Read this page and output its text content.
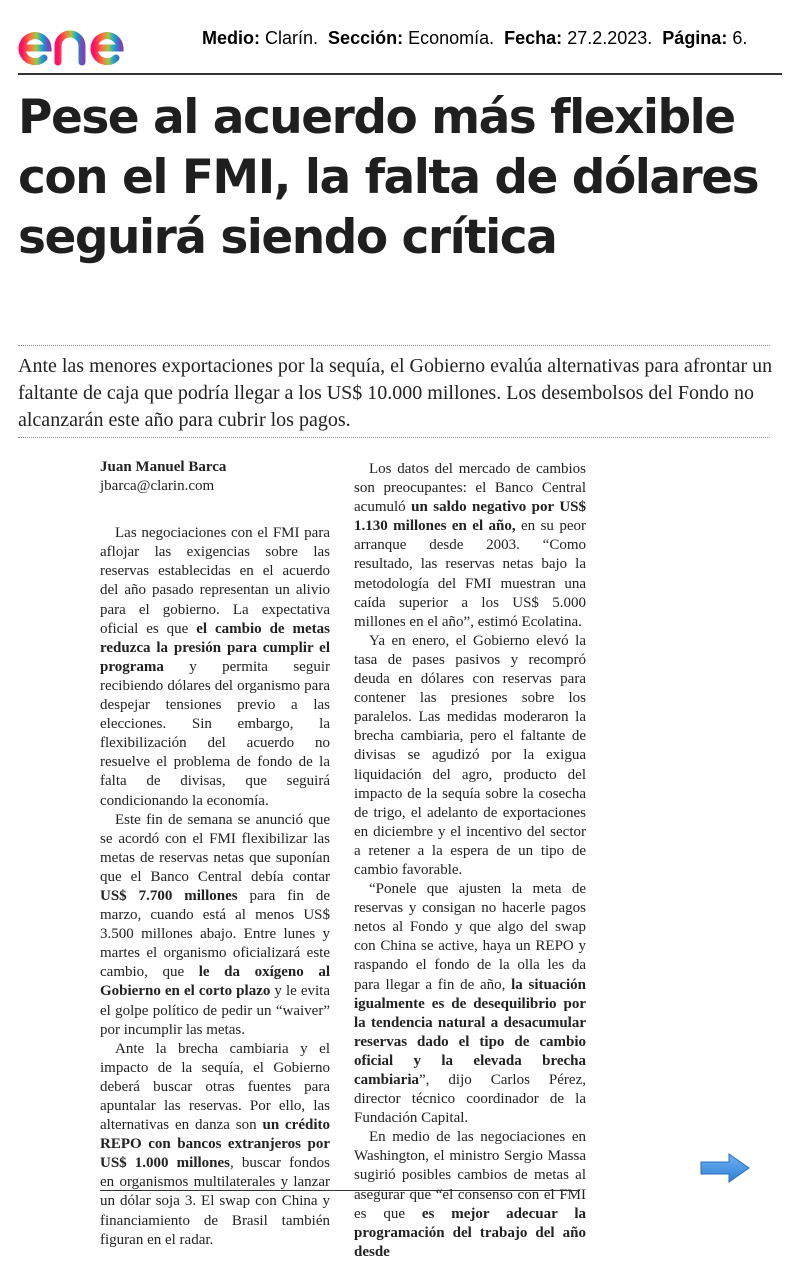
Medio: Clarín. Sección: Economía. Fecha: 27.2.2023. Página: 6.
Pese al acuerdo más flexible con el FMI, la falta de dólares seguirá siendo crítica

Ante las menores exportaciones por la sequía, el Gobierno evalúa alternativas para afrontar un faltante de caja que podría llegar a los US$ 10.000 millones. Los desembolsos del Fondo no alcanzarán este año para cubrir los pagos.

Juan Manuel Barca

jbarca@clarin.com

Las negociaciones con el FMI para aflojar las exigencias sobre las reservas establecidas en el acuerdo del año pasado representan un alivio para el gobierno. La expectativa oficial es que el cambio de metas reduzca la presión para cumplir el programa y permita seguir recibiendo dólares del organismo para despejar tensiones previo a las elecciones. Sin embargo, la flexibilización del acuerdo no resuelve el problema de fondo de la falta de divisas, que seguirá condicionando la economía.

Este fin de semana se anunció que se acordó con el FMI flexibilizar las metas de reservas netas que suponían que el Banco Central debía contar US$ 7.700 millones para fin de marzo, cuando está al menos US$ 3.500 millones abajo. Entre lunes y martes el organismo oficializará este cambio, que le da oxígeno al Gobierno en el corto plazo y le evita el golpe político de pedir un “waiver” por incumplir las metas.

Ante la brecha cambiaria y el impacto de la sequía, el Gobierno deberá buscar otras fuentes para apuntalar las reservas. Por ello, las alternativas en danza son un crédito REPO con bancos extranjeros por US$ 1.000 millones, buscar fondos en organismos multilaterales y lanzar un dólar soja 3. El swap con China y financiamiento de Brasil también figuran en el radar.

Los datos del mercado de cambios son preocupantes: el Banco Central acumuló un saldo negativo por US$ 1.130 millones en el año, en su peor arranque desde 2003. “Como resultado, las reservas netas bajo la metodología del FMI muestran una caída superior a los US$ 5.000 millones en el año”, estimó Ecolatina.

Ya en enero, el Gobierno elevó la tasa de pases pasivos y recompró deuda en dólares con reservas para contener las presiones sobre los paralelos. Las medidas moderaron la brecha cambiaria, pero el faltante de divisas se agudizó por la exigua liquidación del agro, producto del impacto de la sequía sobre la cosecha de trigo, el adelanto de exportaciones en diciembre y el incentivo del sector a retener a la espera de un tipo de cambio favorable.

“Ponele que ajusten la meta de reservas y consigan no hacerle pagos netos al Fondo y que algo del swap con China se active, haya un REPO y raspando el fondo de la olla les da para llegar a fin de año, la situación igualmente es de desequilibrio por la tendencia natural a desacumular reservas dado el tipo de cambio oficial y la elevada brecha cambiaria”, dijo Carlos Pérez, director técnico coordinador de la Fundación Capital.

En medio de las negociaciones en Washington, el ministro Sergio Massa sugirió posibles cambios de metas al asegurar que “el consenso con el FMI es que es mejor adecuar la programación del trabajo del año desde
